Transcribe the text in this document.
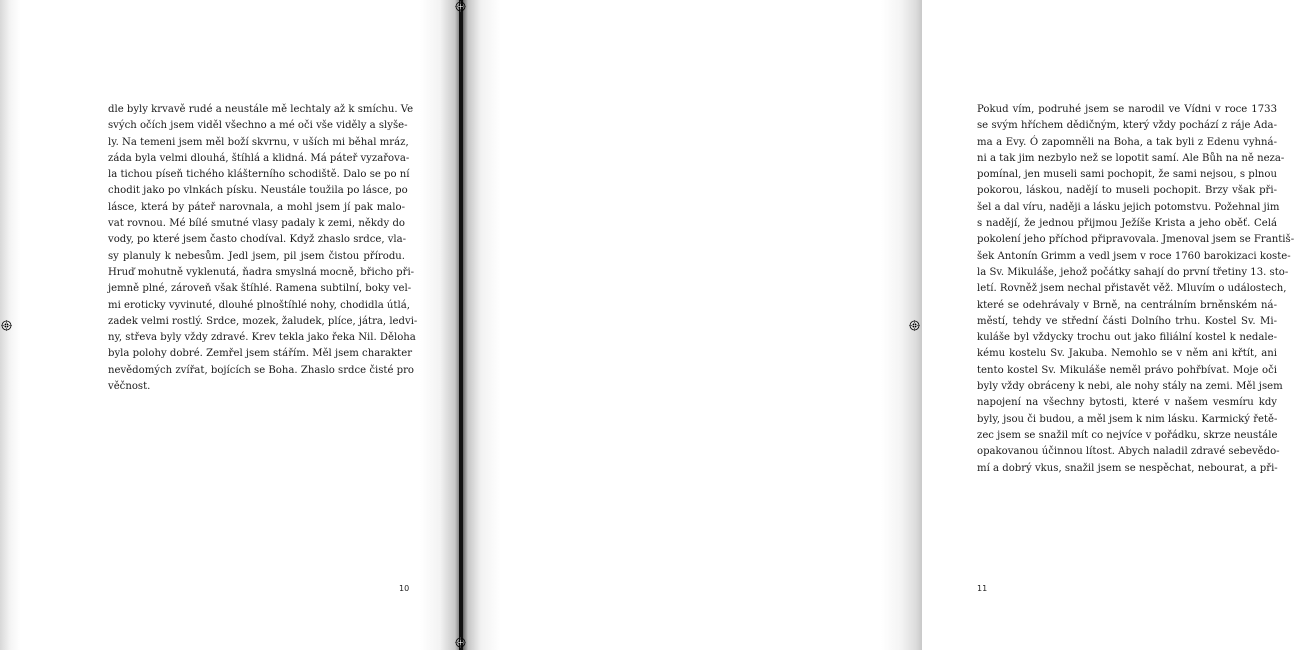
dle byly krvavě rudé a neustále mě lechtaly až k smíchu. Ve
svých očích jsem viděl všechno a mé oči vše viděly a slyše-
ly. Na temeni jsem měl boží skvrnu, v uších mi běhal mráz,
záda byla velmi dlouhá, štíhlá a klidná. Má páteř vyzařova-
la tichou píseň tichého klášterního schodiště. Dalo se po ní
chodit jako po vlnkách písku. Neustále toužila po lásce, po
lásce, která by páteř narovnala, a mohl jsem jí pak malo-
vat rovnou. Mé bílé smutné vlasy padaly k zemi, někdy do
vody, po které jsem často chodíval. Když zhaslo srdce, vla-
sy planuly k nebesům. Jedl jsem, pil jsem čistou přírodu.
Hruď mohutně vyklenutá, ňadra smyslná mocně, břicho při-
jemně plné, zároveň však štíhlé. Ramena subtilní, boky vel-
mi eroticky vyvinuté, dlouhé plnoštíhlé nohy, chodidla útlá,
zadek velmi rostlý. Srdce, mozek, žaludek, plíce, játra, ledvi-
ny, střeva byly vždy zdravé. Krev tekla jako řeka Nil. Děloha
byla polohy dobré. Zemřel jsem stářím. Měl jsem charakter
nevědomých zvířat, bojících se Boha. Zhaslo srdce čisté pro
věčnost.
10
Pokud vím, podruhé jsem se narodil ve Vídni v roce 1733
se svým hříchem dědičným, který vždy pochází z ráje Ada-
ma a Evy. Ó zapomněli na Boha, a tak byli z Edenu vyhná-
ni a tak jim nezbylo než se lopotit samí. Ale Bůh na ně neza-
pomínal, jen museli sami pochopit, že sami nejsou, s plnou
pokorou, láskou, nadějí to museli pochopit. Brzy však při-
šel a dal víru, naději a lásku jejich potomstvu. Požehnal jim
s nadějí, že jednou přijmou Ježíše Krista a jeho oběť. Celá
pokolení jeho příchod připravovala. Jmenoval jsem se Františ-
šek Antonín Grimm a vedl jsem v roce 1760 barokizaci koste-
la Sv. Mikuláše, jehož počátky sahají do první třetiny 13. sto-
letí. Rovněž jsem nechal přistavět věž. Mluvím o událostech,
které se odehrávaly v Brně, na centrálním brněnském ná-
městí, tehdy ve střední části Dolního trhu. Kostel Sv. Mi-
kuláše byl vždycky trochu out jako filiální kostel k nedale-
kému kostelu Sv. Jakuba. Nemohlo se v něm ani křtít, ani
tento kostel Sv. Mikuláše neměl právo pohřbívat. Moje oči
byly vždy obráceny k nebi, ale nohy stály na zemi. Měl jsem
napojení na všechny bytosti, které v našem vesmíru kdy
byly, jsou či budou, a měl jsem k nim lásku. Karmický řetě-
zec jsem se snažil mít co nejvíce v pořádku, skrze neustále
opakovanou účinnou lítost. Abych naladil zdravé sebevědo-
mí a dobrý vkus, snažil jsem se nespěchat, nebourat, a při-
11
